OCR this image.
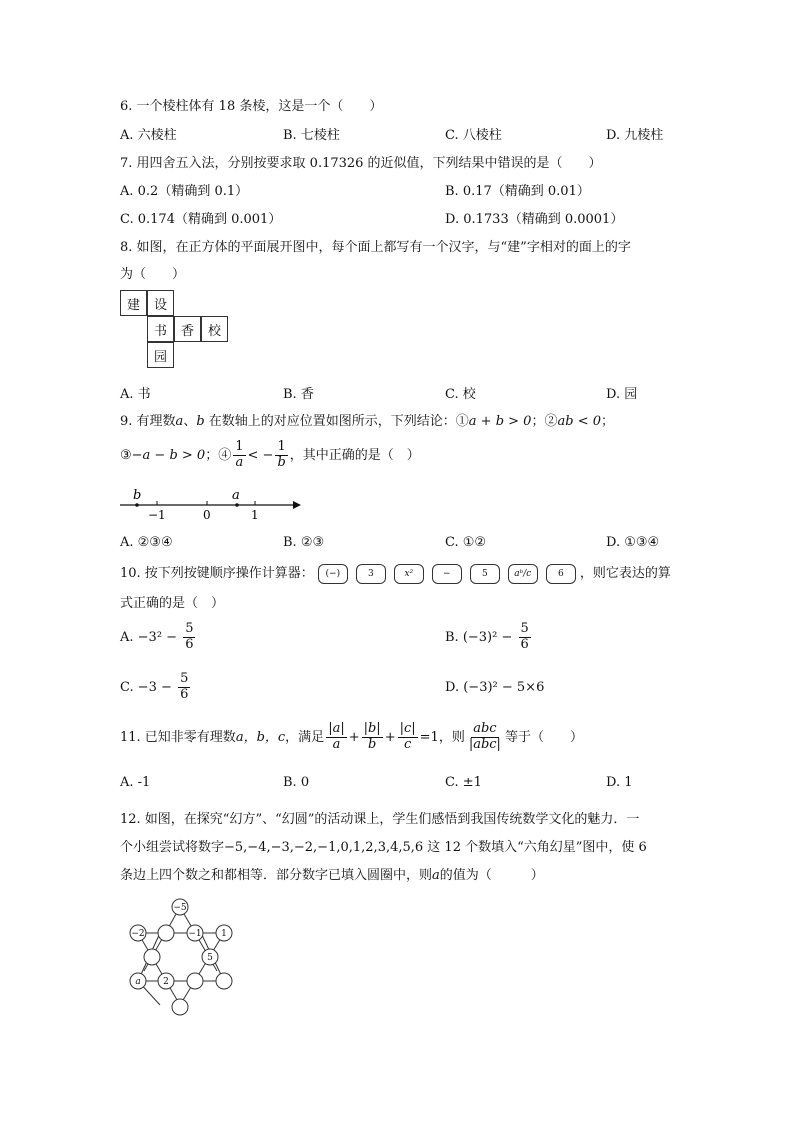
6. 一个棱柱体有 18 条棱，这是一个（　　）
A. 六棱柱	B. 七棱柱	C. 八棱柱	D. 九棱柱
7. 用四舍五入法，分别按要求取 0.17326 的近似值，下列结果中错误的是（　　）
A. 0.2（精确到 0.1）	B. 0.17（精确到 0.01）
C. 0.174（精确到 0.001）	D. 0.1733（精确到 0.0001）
8. 如图，在正方体的平面展开图中，每个面上都写有一个汉字，与“建”字相对的面上的字
为（　　）
建	设
书	香	校
园
A. 书	B. 香	C. 校	D. 园
9. 有理数a、b 在数轴上的对应位置如图所示，下列结论：①a + b > 0；②ab < 0；
③−a − b > 0；④ $\frac{1}{a}$ < − $\frac{1}{b}$ ，其中正确的是（　）
b	a
−1	0	1
A. ②③④	B. ②③	C. ①②	D. ①③④
10. 按下列按键顺序操作计算器： (−)	3	x²	−	5	aᵇ/c	6 ，则它表达的算
式正确的是（　）
A. $-3^2 - \frac{5}{6}$	B. $(-3)^2 - \frac{5}{6}$
C. $-3 - \frac{5}{6}$	D. (−3)² − 5×6
11. 已知非零有理数a，b，c，满足 $\frac{|a|}{a} + \frac{|b|}{b} + \frac{|c|}{c} =1$，则 $\frac{\text{abc}}{\text{|abc|}}$ 等于（　　）
A. -1	B. 0	C. ±1	D. 1
12. 如图，在探究“幻方”、“幻圆”的活动课上，学生们感悟到我国传统数学文化的魅力．一
个小组尝试将数字−5,−4,−3,−2,−1,0,1,2,3,4,5,6 这 12 个数填入“六角幻星”图中，使 6
条边上四个数之和都相等．部分数字已填入圆圈中，则a的值为（　　　）
−5
−2	−1 1
5
a 2
